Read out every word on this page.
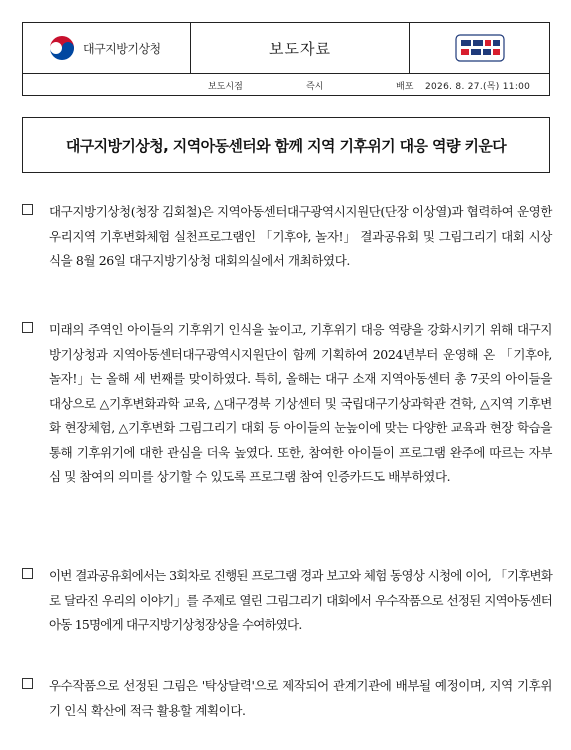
대구지방기상청	보도자료
보도시점	즉시	배포 2026. 8. 27.(목) 11:00
대구지방기상청, 지역아동센터와 함께 지역 기후위기 대응 역량 키운다
대구지방기상청(청장 김회철)은 지역아동센터대구광역시지원단(단장 이상열)과 협력하여 운영한 우리지역 기후변화체험 실천프로그램인 「기후야, 놀자!」 결과공유회 및 그림그리기 대회 시상식을 8월 26일 대구지방기상청 대회의실에서 개최하였다.
미래의 주역인 아이들의 기후위기 인식을 높이고, 기후위기 대응 역량을 강화시키기 위해 대구지방기상청과 지역아동센터대구광역시지원단이 함께 기획하여 2024년부터 운영해 온 「기후야, 놀자!」는 올해 세 번째를 맞이하였다. 특히, 올해는 대구 소재 지역아동센터 총 7곳의 아이들을 대상으로 △기후변화과학 교육, △대구경북 기상센터 및 국립대구기상과학관 견학, △지역 기후변화 현장체험, △기후변화 그림그리기 대회 등 아이들의 눈높이에 맞는 다양한 교육과 현장 학습을 통해 기후위기에 대한 관심을 더욱 높였다. 또한, 참여한 아이들이 프로그램 완주에 따르는 자부심 및 참여의 의미를 상기할 수 있도록 프로그램 참여 인증카드도 배부하였다.
이번 결과공유회에서는 3회차로 진행된 프로그램 경과 보고와 체험 동영상 시청에 이어, 「기후변화로 달라진 우리의 이야기」를 주제로 열린 그림그리기 대회에서 우수작품으로 선정된 지역아동센터 아동 15명에게 대구지방기상청장상을 수여하였다.
우수작품으로 선정된 그림은 '탁상달력'으로 제작되어 관계기관에 배부될 예정이며, 지역 기후위기 인식 확산에 적극 활용할 계획이다.
